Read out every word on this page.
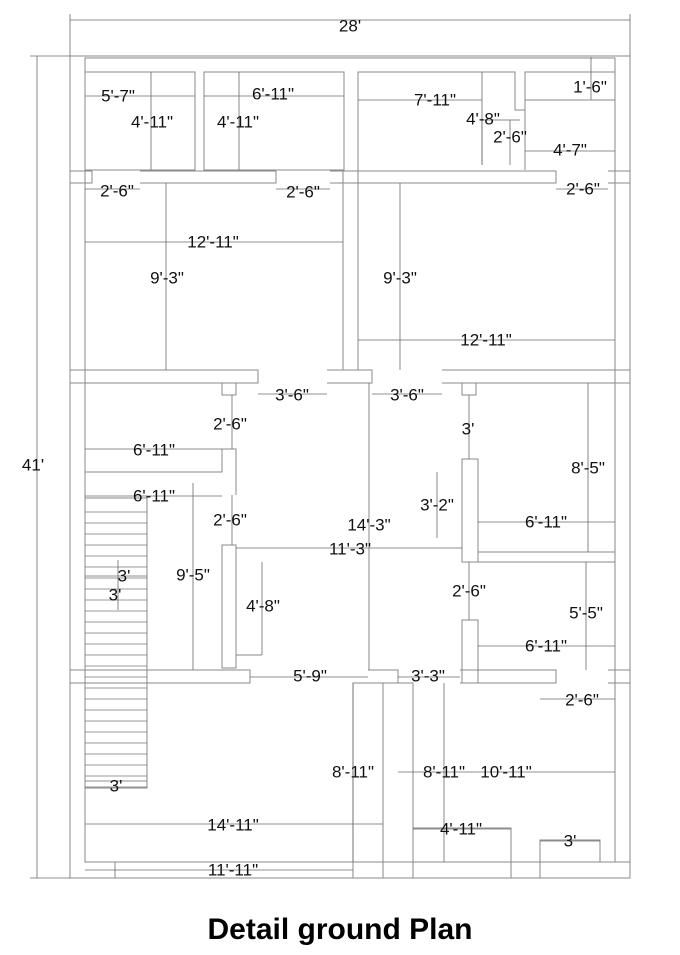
28'
41'
5'-7"
4'-11"
6'-11"
4'-11"
7'-11"
1'-6"
4'-8"
2'-6"
4'-7"
2'-6"	2'-6"	2'-6"
12'-11"
9'-3"	9'-3"
12'-11"
3'-6"	3'-6"
2'-6"	3'
6'-11"
8'-5"
6'-11"	3'-2"
14'-3"
2'-6"	6'-11"
11'-3"
3'
3'
9'-5"
2'-6"
4'-8"	5'-5"
6'-11"
5'-9"	3'-3"
2'-6"
8'-11"	8'-11" 10'-11"
3'
14'-11"	4'-11"
3'
11'-11"
Detail ground Plan
